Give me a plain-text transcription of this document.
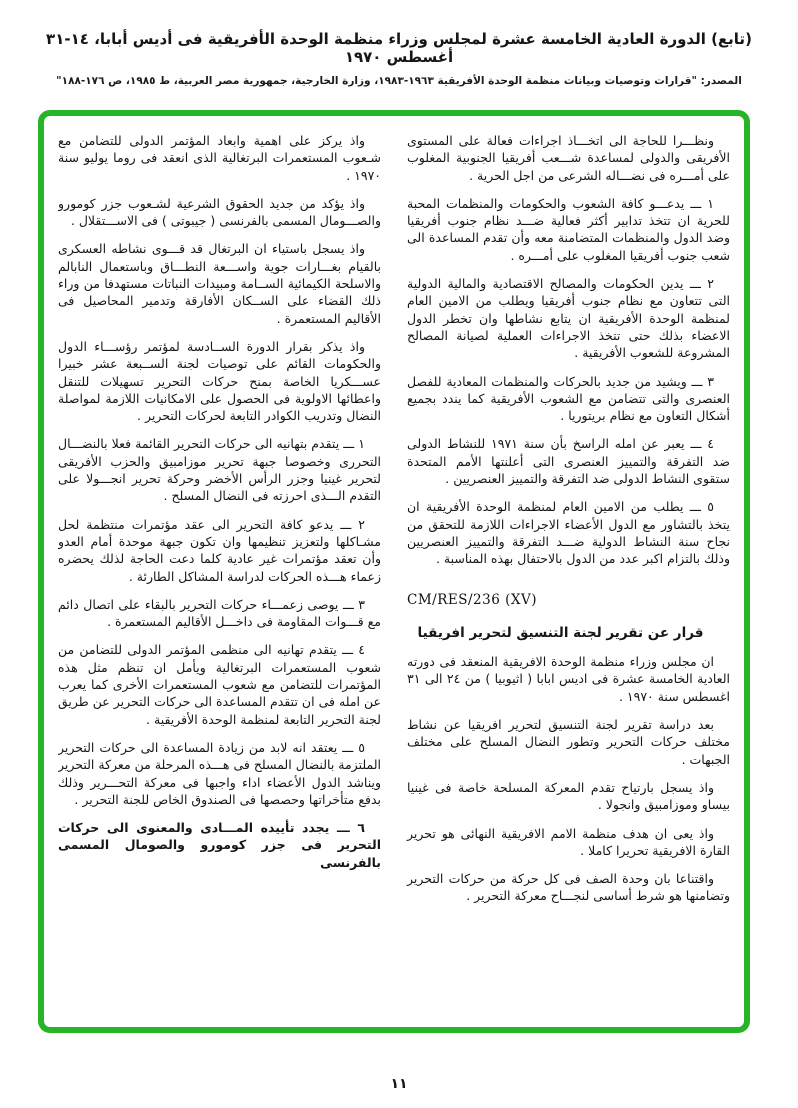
(تابع) الدورة العادية الخامسة عشرة لمجلس وزراء منظمة الوحدة الأفريقية فى أديس أبابا، ١٤-٣١ أغسطس ١٩٧٠
المصدر: "قرارات وتوصيات وبيانات منظمة الوحدة الأفريقية ١٩٦٣-١٩٨٣، وزارة الخارجية، جمهورية مصر العربية، ط ١٩٨٥، ص ١٧٦-١٨٨"

ونظـــرا للحاجة الى اتخـــاذ اجراءات فعالة على المستوى الأفريقى والدولى لمساعدة شـــعب أفريقيا الجنوبية المغلوب على أمـــره فى نضـــاله الشرعى من اجل الحرية .

١ ـــ يدعـــو كافة الشعوب والحكومات والمنظمات المحبة للحرية ان تتخذ تدابير أكثر فعالية ضـــد نظام جنوب أفريقيا وضد الدول والمنظمات المتضامنة معه وأن تقدم المساعدة الى شعب جنوب أفريقيا المغلوب على أمـــره .

٢ ـــ يدين الحكومات والمصالح الاقتصادية والمالية الدولية التى تتعاون مع نظام جنوب أفريقيا ويطلب من الامين العام لمنظمة الوحدة الأفريقية ان يتابع نشاطها وان تخطر الدول الاعضاء بذلك حتى تتخذ الاجراءات العملية لصيانة المصالح المشروعة للشعوب الأفريقية .

٣ ـــ ويشيد من جديد بالحركات والمنظمات المعادية للفصل العنصرى والتى تتضامن مع الشعوب الأفريقية كما يندد بجميع أشكال التعاون مع نظام بريتوريا .

٤ ـــ يعبر عن امله الراسخ بأن سنة ١٩٧١ للنشاط الدولى ضد التفرقة والتمييز العنصرى التى أعلنتها الأمم المتحدة ستقوى النشاط الدولى ضد التفرقة والتمييز العنصريين .

٥ ـــ يطلب من الامين العام لمنظمة الوحدة الأفريقية ان يتخذ بالتشاور مع الدول الأعضاء الاجراءات اللازمة للتحقق من نجاح سنة النشاط الدولية ضـــد التفرقة والتمييز العنصريين وذلك بالتزام اكبر عدد من الدول بالاحتفال بهذه المناسبة .

CM/RES/236 (XV)

قرار عن تقرير لجنة التنسيق لتحرير افريقيا

ان مجلس وزراء منظمة الوحدة الافريقية المنعقد فى دورته العادية الخامسة عشرة فى اديس ابابا ( اثيوبيا ) من ٢٤ الى ٣١ اغسطس سنة ١٩٧٠ .

بعد دراسة تقرير لجنة التنسيق لتحرير افريقيا عن نشاط مختلف حركات التحرير وتطور النضال المسلح على مختلف الجبهات .

واذ يسجل بارتياح تقدم المعركة المسلحة خاصة فى غينيا بيساو وموزامبيق وانجولا .

واذ يعى ان هدف منظمة الامم الافريقية النهائى هو تحرير القارة الافريقية تحريرا كاملا .

واقتناعا بان وحدة الصف فى كل حركة من حركات التحرير وتضامنها هو شرط أساسى لنجـــاح معركة التحرير .

واذ يركز على اهمية وابعاد المؤتمر الدولى للتضامن مع شـعوب المستعمرات البرتغالية الذى انعقد فى روما يوليو سنة ١٩٧٠ .

واذ يؤكد من جديد الحقوق الشرعية لشـعوب جزر كومورو والصـــومال المسمى بالفرنسى ( جيبوتى ) فى الاســـتقلال .

واذ يسجل باستياء ان البرتغال قد قـــوى نشاطه العسكرى بالقيام بغـــارات جوية واســـعة النطـــاق وباستعمال النابالم والاسلحة الكيمائية الســامة ومبيدات النباتات مستهدفا من وراء ذلك القضاء على الســكان الأفارقة وتدمير المحاصيل فى الأقاليم المستعمرة .

واذ يذكر بقرار الدورة الســادسة لمؤتمر رؤســـاء الدول والحكومات القائم على توصيات لجنة الســبعة عشر خبيرا عســـكريا الخاصة بمنح حركات التحرير تسهيلات للتنقل واعطائها الاولوية فى الحصول على الامكانيات اللازمة لمواصلة النضال وتدريب الكوادر التابعة لحركات التحرير .

١ ـــ يتقدم بتهانيه الى حركات التحرير القائمة فعلا بالنضـــال التحررى وخصوصا جبهة تحرير موزامبيق والحزب الأفريقى لتحرير غينيا وجزر الرأس الأخضر وحركة تحرير انجـــولا على التقدم الـــذى احرزته فى النضال المسلح .

٢ ـــ يدعو كافة التحرير الى عقد مؤتمرات منتظمة لحل مشـاكلها ولتعزيز تنظيمها وان تكون جبهة موحدة أمام العدو وأن تعقد مؤتمرات غير عادية كلما دعت الحاجة لذلك يحضره زعماء هـــذه الحركات لدراسة المشاكل الطارئة .

٣ ـــ يوصى زعمـــاء حركات التحرير بالبقاء على اتصال دائم مع قـــوات المقاومة فى داخـــل الأقاليم المستعمرة .

٤ ـــ يتقدم تهانيه الى منظمى المؤتمر الدولى للتضامن من شعوب المستعمرات البرتغالية ويأمل ان تنظم مثل هذه المؤتمرات للتضامن مع شعوب المستعمرات الأخرى كما يعرب عن امله فى ان تتقدم المساعدة الى حركات التحرير عن طريق لجنة التحرير التابعة لمنظمة الوحدة الأفريقية .

٥ ـــ يعتقد انه لابد من زيادة المساعدة الى حركات التحرير الملتزمة بالنضال المسلح فى هـــذه المرحلة من معركة التحرير ويناشد الدول الأعضاء اداء واجبها فى معركة التحـــرير وذلك بدفع متأخراتها وحصصها فى الصندوق الخاص للجنة التحرير .

٦ ـــ يجدد تأييده المـــادى والمعنوى الى حركات التحرير فى جزر كومورو والصومال المسمى بالفرنسى

١١
